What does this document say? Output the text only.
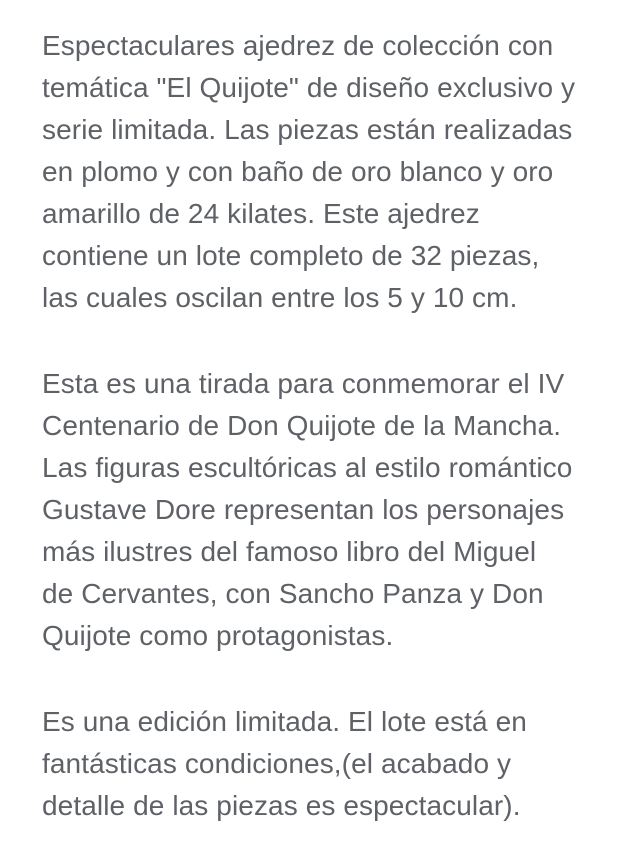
Espectaculares ajedrez de colección con
temática "El Quijote" de diseño exclusivo y
serie limitada. Las piezas están realizadas
en plomo y con baño de oro blanco y oro
amarillo de 24 kilates. Este ajedrez
contiene un lote completo de 32 piezas,
las cuales oscilan entre los 5 y 10 cm.

Esta es una tirada para conmemorar el IV
Centenario de Don Quijote de la Mancha.
Las figuras escultóricas al estilo romántico
Gustave Dore representan los personajes
más ilustres del famoso libro del Miguel
de Cervantes, con Sancho Panza y Don
Quijote como protagonistas.

Es una edición limitada. El lote está en
fantásticas condiciones,(el acabado y
detalle de las piezas es espectacular).
